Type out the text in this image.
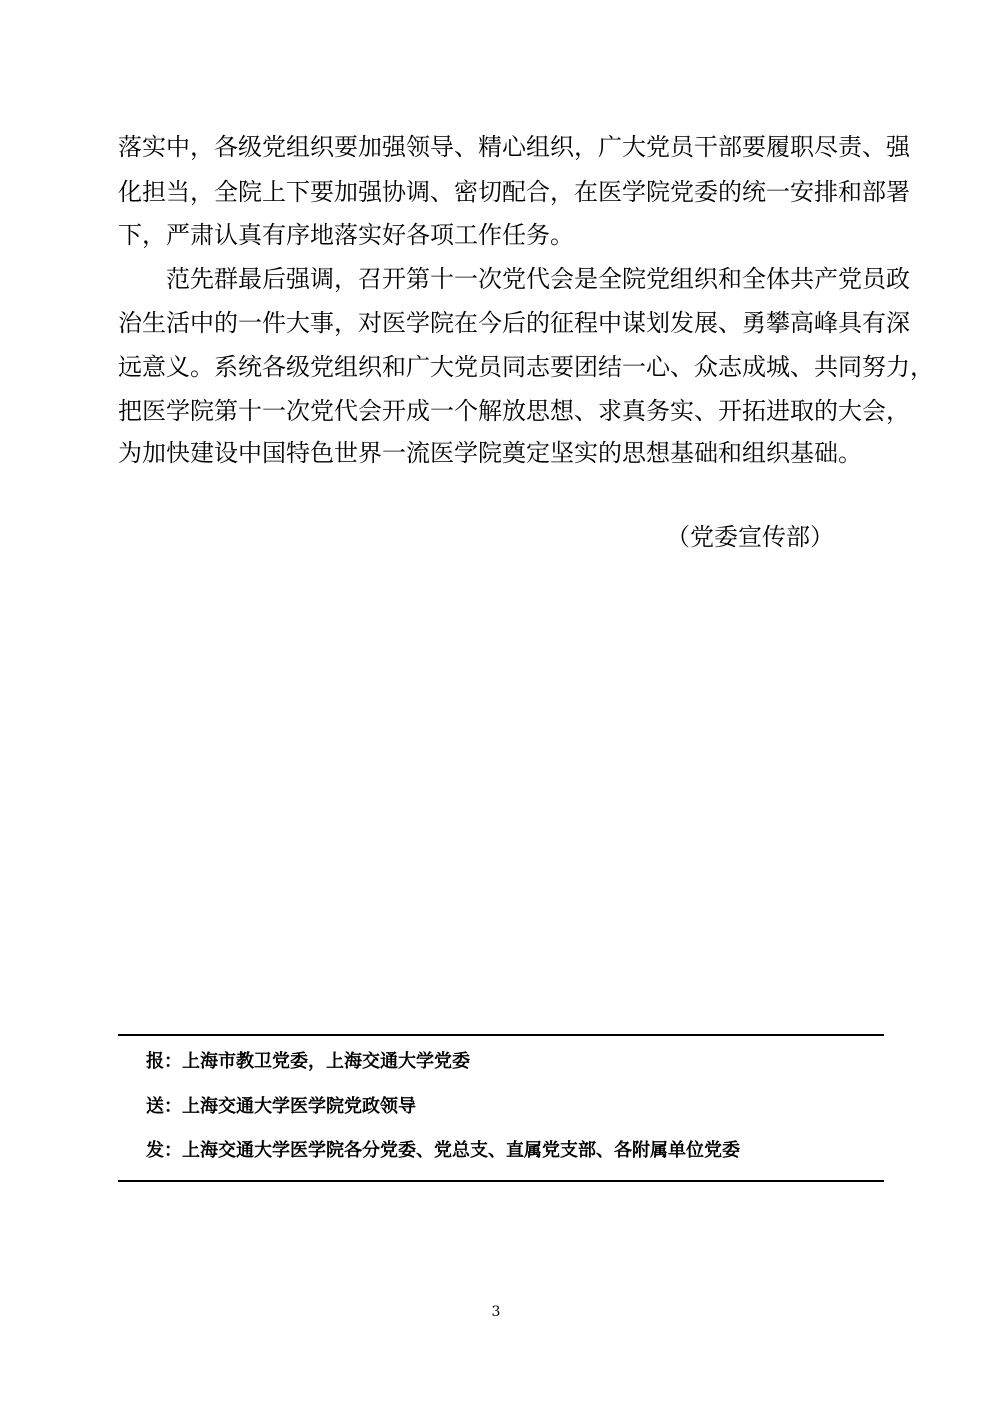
落实中，各级党组织要加强领导、精心组织，广大党员干部要履职尽责、强
化担当，全院上下要加强协调、密切配合，在医学院党委的统一安排和部署
下，严肃认真有序地落实好各项工作任务。
范先群最后强调，召开第十一次党代会是全院党组织和全体共产党员政
治生活中的一件大事，对医学院在今后的征程中谋划发展、勇攀高峰具有深
远意义。系统各级党组织和广大党员同志要团结一心、众志成城、共同努力，
把医学院第十一次党代会开成一个解放思想、求真务实、开拓进取的大会，
为加快建设中国特色世界一流医学院奠定坚实的思想基础和组织基础。
（党委宣传部）
报：上海市教卫党委，上海交通大学党委
送：上海交通大学医学院党政领导
发：上海交通大学医学院各分党委、党总支、直属党支部、各附属单位党委
3
